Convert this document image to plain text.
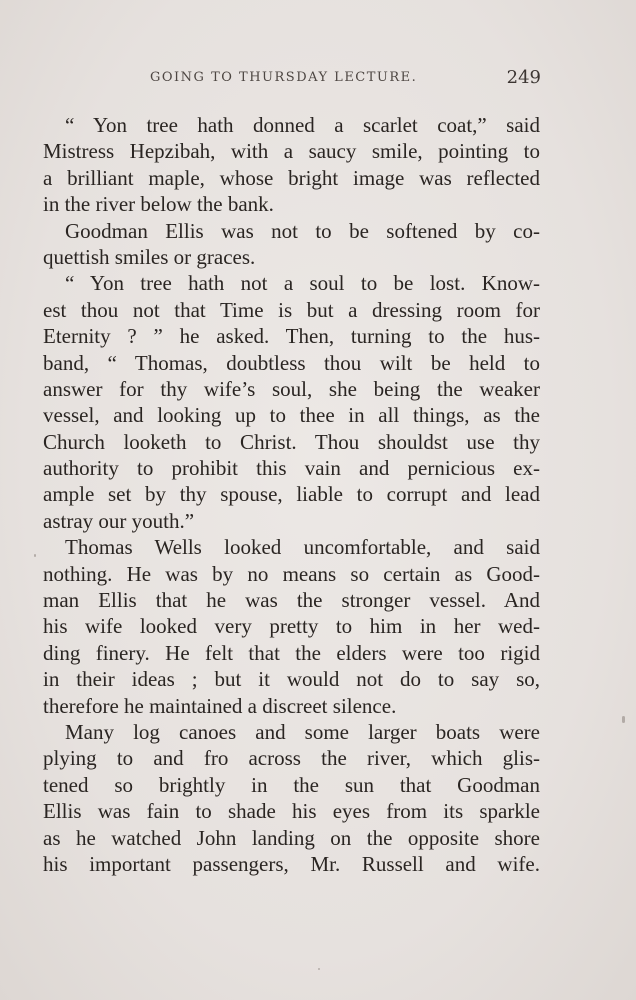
GOING TO THURSDAY LECTURE.	249
“ Yon tree hath donned a scarlet coat,” said
Mistress Hepzibah, with a saucy smile, pointing to
a brilliant maple, whose bright image was reflected
in the river below the bank.
Goodman Ellis was not to be softened by co-
quettish smiles or graces.
“ Yon tree hath not a soul to be lost. Know-
est thou not that Time is but a dressing room for
Eternity ? ” he asked. Then, turning to the hus-
band, “ Thomas, doubtless thou wilt be held to
answer for thy wife’s soul, she being the weaker
vessel, and looking up to thee in all things, as the
Church looketh to Christ. Thou shouldst use thy
authority to prohibit this vain and pernicious ex-
ample set by thy spouse, liable to corrupt and lead
astray our youth.”
Thomas Wells looked uncomfortable, and said
nothing. He was by no means so certain as Good-
man Ellis that he was the stronger vessel. And
his wife looked very pretty to him in her wed-
ding finery. He felt that the elders were too rigid
in their ideas ; but it would not do to say so,
therefore he maintained a discreet silence.
Many log canoes and some larger boats were
plying to and fro across the river, which glis-
tened so brightly in the sun that Goodman
Ellis was fain to shade his eyes from its sparkle
as he watched John landing on the opposite shore
his important passengers, Mr. Russell and wife.
